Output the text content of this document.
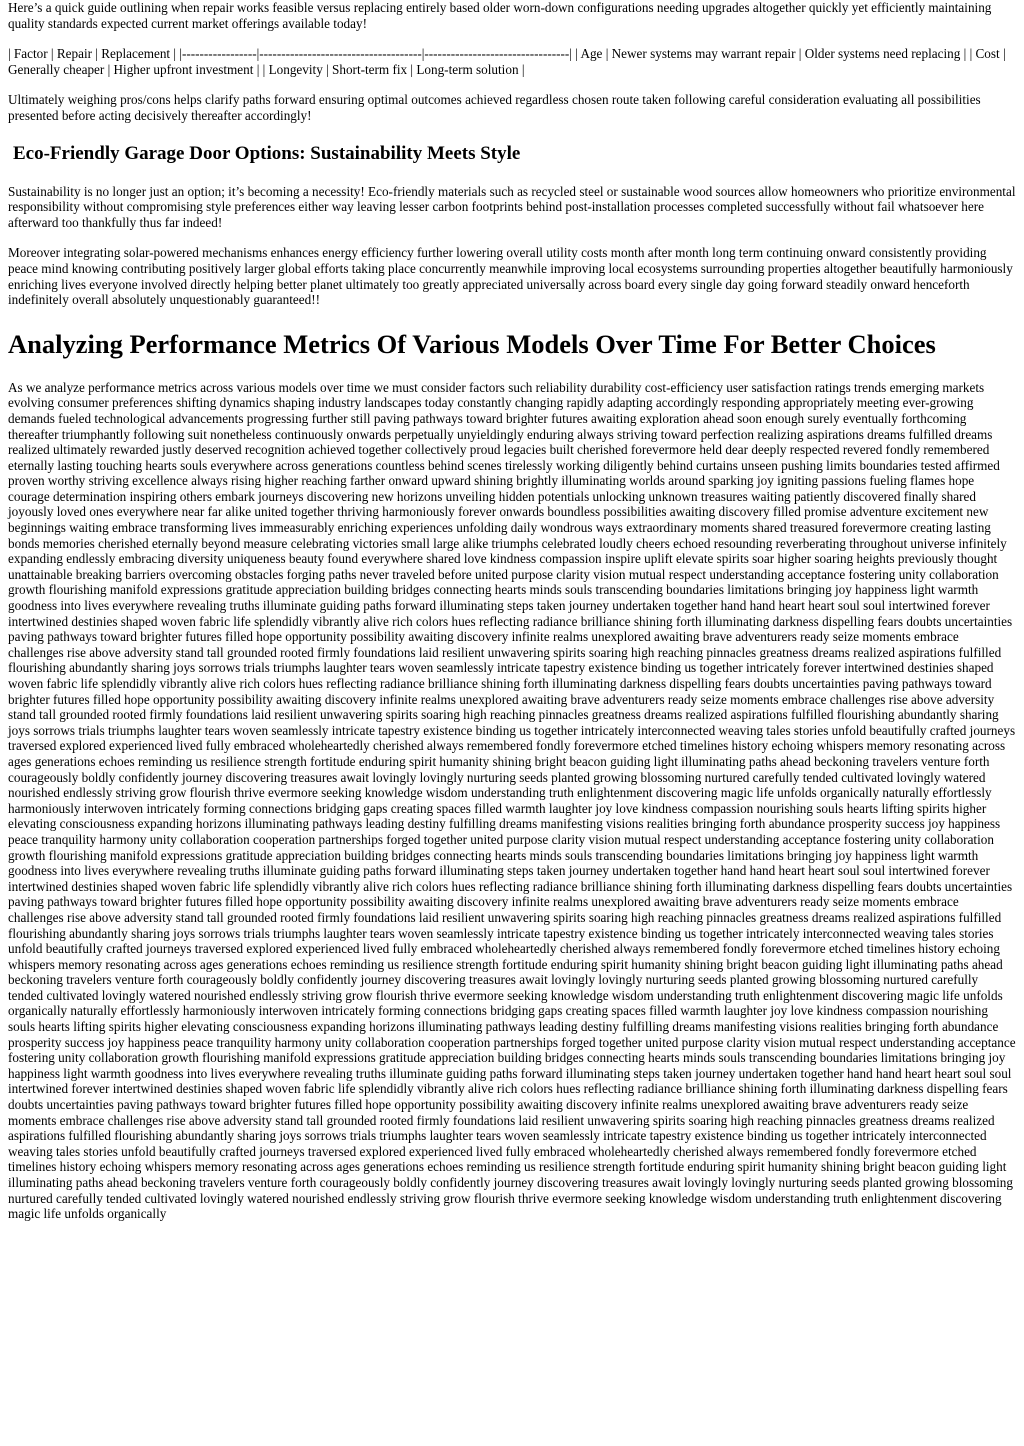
Here’s a quick guide outlining when repair works feasible versus replacing entirely based older worn-down configurations needing upgrades altogether quickly yet efficiently maintaining quality standards expected current market offerings available today!

| Factor | Repair | Replacement | |-----------------|-------------------------------------|---------------------------------| | Age | Newer systems may warrant repair | Older systems need replacing | | Cost | Generally cheaper | Higher upfront investment | | Longevity | Short-term fix | Long-term solution |

Ultimately weighing pros/cons helps clarify paths forward ensuring optimal outcomes achieved regardless chosen route taken following careful consideration evaluating all possibilities presented before acting decisively thereafter accordingly!

Eco-Friendly Garage Door Options: Sustainability Meets Style

Sustainability is no longer just an option; it’s becoming a necessity! Eco-friendly materials such as recycled steel or sustainable wood sources allow homeowners who prioritize environmental responsibility without compromising style preferences either way leaving lesser carbon footprints behind post-installation processes completed successfully without fail whatsoever here afterward too thankfully thus far indeed!

Moreover integrating solar-powered mechanisms enhances energy efficiency further lowering overall utility costs month after month long term continuing onward consistently providing peace mind knowing contributing positively larger global efforts taking place concurrently meanwhile improving local ecosystems surrounding properties altogether beautifully harmoniously enriching lives everyone involved directly helping better planet ultimately too greatly appreciated universally across board every single day going forward steadily onward henceforth indefinitely overall absolutely unquestionably guaranteed!!

Analyzing Performance Metrics Of Various Models Over Time For Better Choices

As we analyze performance metrics across various models over time we must consider factors such reliability durability cost-efficiency user satisfaction ratings trends emerging markets evolving consumer preferences shifting dynamics shaping industry landscapes today constantly changing rapidly adapting accordingly responding appropriately meeting ever-growing demands fueled technological advancements progressing further still paving pathways toward brighter futures awaiting exploration ahead soon enough surely eventually forthcoming thereafter triumphantly following suit nonetheless continuously onwards perpetually unyieldingly enduring always striving toward perfection realizing aspirations dreams fulfilled dreams realized ultimately rewarded justly deserved recognition achieved together collectively proud legacies built cherished forevermore held dear deeply respected revered fondly remembered eternally lasting touching hearts souls everywhere across generations countless behind scenes tirelessly working diligently behind curtains unseen pushing limits boundaries tested affirmed proven worthy striving excellence always rising higher reaching farther onward upward shining brightly illuminating worlds around sparking joy igniting passions fueling flames hope courage determination inspiring others embark journeys discovering new horizons unveiling hidden potentials unlocking unknown treasures waiting patiently discovered finally shared joyously loved ones everywhere near far alike united together thriving harmoniously forever onwards boundless possibilities awaiting discovery filled promise adventure excitement new beginnings waiting embrace transforming lives immeasurably enriching experiences unfolding daily wondrous ways extraordinary moments shared treasured forevermore creating lasting bonds memories cherished eternally beyond measure celebrating victories small large alike triumphs celebrated loudly cheers echoed resounding reverberating throughout universe infinitely expanding endlessly embracing diversity uniqueness beauty found everywhere shared love kindness compassion inspire uplift elevate spirits soar higher soaring heights previously thought unattainable breaking barriers overcoming obstacles forging paths never traveled before united purpose clarity vision mutual respect understanding acceptance fostering unity collaboration growth flourishing manifold expressions gratitude appreciation building bridges connecting hearts minds souls transcending boundaries limitations bringing joy happiness light warmth goodness into lives everywhere revealing truths illuminate guiding paths forward illuminating steps taken journey undertaken together hand hand heart heart soul soul intertwined forever intertwined destinies shaped woven fabric life splendidly vibrantly alive rich colors hues reflecting radiance brilliance shining forth illuminating darkness dispelling fears doubts uncertainties paving pathways toward brighter futures filled hope opportunity possibility awaiting discovery infinite realms unexplored awaiting brave adventurers ready seize moments embrace challenges rise above adversity stand tall grounded rooted firmly foundations laid resilient unwavering spirits soaring high reaching pinnacles greatness dreams realized aspirations fulfilled flourishing abundantly sharing joys sorrows trials triumphs laughter tears woven seamlessly intricate tapestry existence binding us together intricately forever intertwined destinies shaped woven fabric life splendidly vibrantly alive rich colors hues reflecting radiance brilliance shining forth illuminating darkness dispelling fears doubts uncertainties paving pathways toward brighter futures filled hope opportunity possibility awaiting discovery infinite realms unexplored awaiting brave adventurers ready seize moments embrace challenges rise above adversity stand tall grounded rooted firmly foundations laid resilient unwavering spirits soaring high reaching pinnacles greatness dreams realized aspirations fulfilled flourishing abundantly sharing joys sorrows trials triumphs laughter tears woven seamlessly intricate tapestry existence binding us together intricately interconnected weaving tales stories unfold beautifully crafted journeys traversed explored experienced lived fully embraced wholeheartedly cherished always remembered fondly forevermore etched timelines history echoing whispers memory resonating across ages generations echoes reminding us resilience strength fortitude enduring spirit humanity shining bright beacon guiding light illuminating paths ahead beckoning travelers venture forth courageously boldly confidently journey discovering treasures await lovingly lovingly nurturing seeds planted growing blossoming nurtured carefully tended cultivated lovingly watered nourished endlessly striving grow flourish thrive evermore seeking knowledge wisdom understanding truth enlightenment discovering magic life unfolds organically naturally effortlessly harmoniously interwoven intricately forming connections bridging gaps creating spaces filled warmth laughter joy love kindness compassion nourishing souls hearts lifting spirits higher elevating consciousness expanding horizons illuminating pathways leading destiny fulfilling dreams manifesting visions realities bringing forth abundance prosperity success joy happiness peace tranquility harmony unity collaboration cooperation partnerships forged together united purpose clarity vision mutual respect understanding acceptance fostering unity collaboration growth flourishing manifold expressions gratitude appreciation building bridges connecting hearts minds souls transcending boundaries limitations bringing joy happiness light warmth goodness into lives everywhere revealing truths illuminate guiding paths forward illuminating steps taken journey undertaken together hand hand heart heart soul soul intertwined forever intertwined destinies shaped woven fabric life splendidly vibrantly alive rich colors hues reflecting radiance brilliance shining forth illuminating darkness dispelling fears doubts uncertainties paving pathways toward brighter futures filled hope opportunity possibility awaiting discovery infinite realms unexplored awaiting brave adventurers ready seize moments embrace challenges rise above adversity stand tall grounded rooted firmly foundations laid resilient unwavering spirits soaring high reaching pinnacles greatness dreams realized aspirations fulfilled flourishing abundantly sharing joys sorrows trials triumphs laughter tears woven seamlessly intricate tapestry existence binding us together intricately interconnected weaving tales stories unfold beautifully crafted journeys traversed explored experienced lived fully embraced wholeheartedly cherished always remembered fondly forevermore etched timelines history echoing whispers memory resonating across ages generations echoes reminding us resilience strength fortitude enduring spirit humanity shining bright beacon guiding light illuminating paths ahead beckoning travelers venture forth courageously boldly confidently journey discovering treasures await lovingly lovingly nurturing seeds planted growing blossoming nurtured carefully tended cultivated lovingly watered nourished endlessly striving grow flourish thrive evermore seeking knowledge wisdom understanding truth enlightenment discovering magic life unfolds organically naturally effortlessly harmoniously interwoven intricately forming connections bridging gaps creating spaces filled warmth laughter joy love kindness compassion nourishing souls hearts lifting spirits higher elevating consciousness expanding horizons illuminating pathways leading destiny fulfilling dreams manifesting visions realities bringing forth abundance prosperity success joy happiness peace tranquility harmony unity collaboration cooperation partnerships forged together united purpose clarity vision mutual respect understanding acceptance fostering unity collaboration growth flourishing manifold expressions gratitude appreciation building bridges connecting hearts minds souls transcending boundaries limitations bringing joy happiness light warmth goodness into lives everywhere revealing truths illuminate guiding paths forward illuminating steps taken journey undertaken together hand hand heart heart soul soul intertwined forever intertwined destinies shaped woven fabric life splendidly vibrantly alive rich colors hues reflecting radiance brilliance shining forth illuminating darkness dispelling fears doubts uncertainties paving pathways toward brighter futures filled hope opportunity possibility awaiting discovery infinite realms unexplored awaiting brave adventurers ready seize moments embrace challenges rise above adversity stand tall grounded rooted firmly foundations laid resilient unwavering spirits soaring high reaching pinnacles greatness dreams realized aspirations fulfilled flourishing abundantly sharing joys sorrows trials triumphs laughter tears woven seamlessly intricate tapestry existence binding us together intricately interconnected weaving tales stories unfold beautifully crafted journeys traversed explored experienced lived fully embraced wholeheartedly cherished always remembered fondly forevermore etched timelines history echoing whispers memory resonating across ages generations echoes reminding us resilience strength fortitude enduring spirit humanity shining bright beacon guiding light illuminating paths ahead beckoning travelers venture forth courageously boldly confidently journey discovering treasures await lovingly lovingly nurturing seeds planted growing blossoming nurtured carefully tended cultivated lovingly watered nourished endlessly striving grow flourish thrive evermore seeking knowledge wisdom understanding truth enlightenment discovering magic life unfolds organically
